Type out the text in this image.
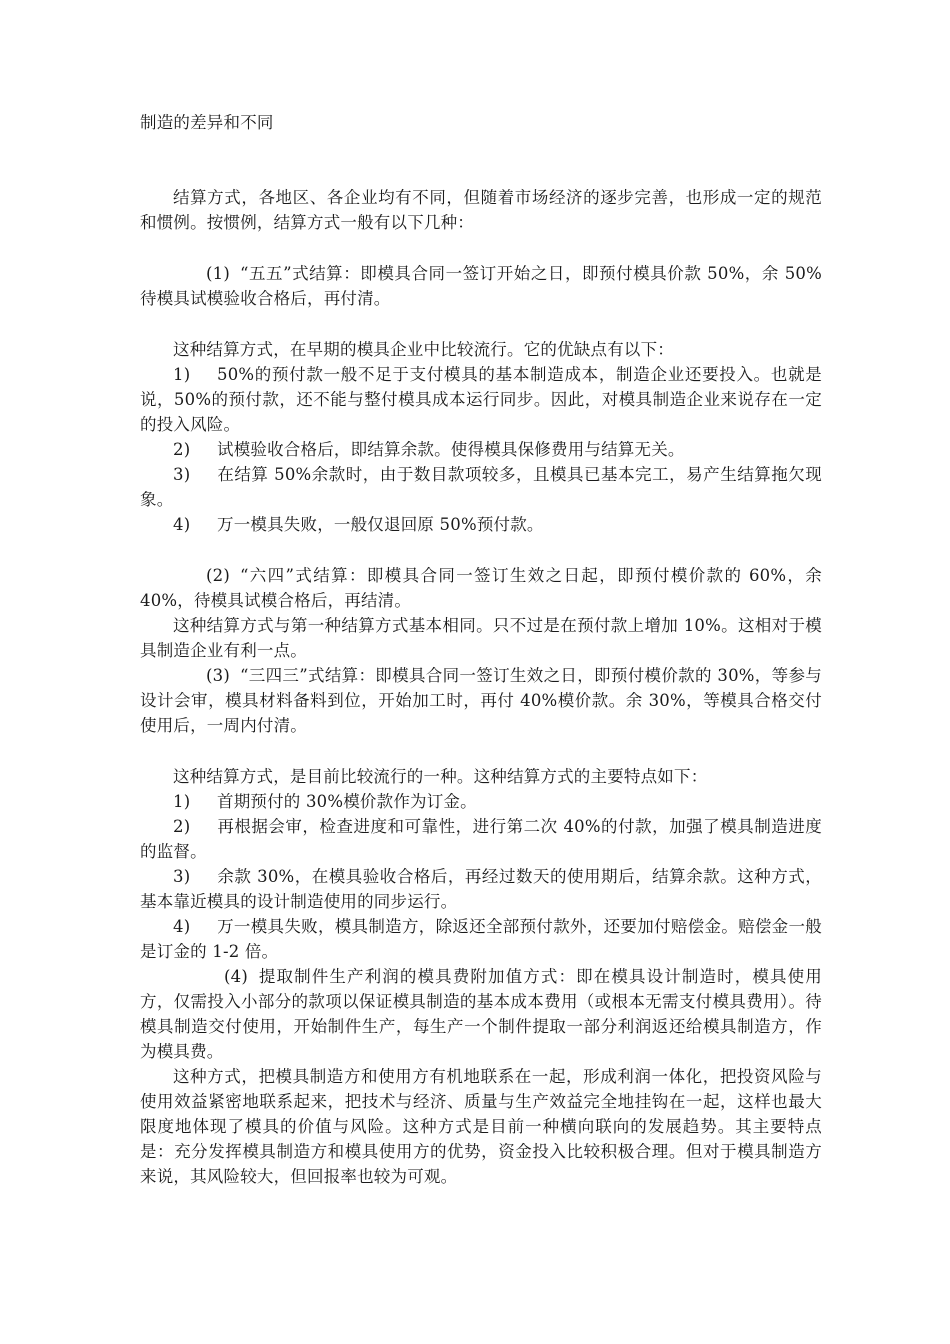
制造的差异和不同

结算方式，各地区、各企业均有不同，但随着市场经济的逐步完善，也形成一定的规范和惯例。按惯例，结算方式一般有以下几种：

(1) “五五”式结算：即模具合同一签订开始之日，即预付模具价款 50%，余 50%待模具试模验收合格后，再付清。

这种结算方式，在早期的模具企业中比较流行。它的优缺点有以下：

1) 50%的预付款一般不足于支付模具的基本制造成本，制造企业还要投入。也就是说，50%的预付款，还不能与整付模具成本运行同步。因此，对模具制造企业来说存在一定的投入风险。

2) 试模验收合格后，即结算余款。使得模具保修费用与结算无关。

3) 在结算 50%余款时，由于数目款项较多，且模具已基本完工，易产生结算拖欠现象。

4) 万一模具失败，一般仅退回原 50%预付款。

(2) “六四”式结算：即模具合同一签订生效之日起，即预付模价款的 60%，余 40%，待模具试模合格后，再结清。

这种结算方式与第一种结算方式基本相同。只不过是在预付款上增加 10%。这相对于模具制造企业有利一点。

(3) “三四三”式结算：即模具合同一签订生效之日，即预付模价款的 30%，等参与设计会审，模具材料备料到位，开始加工时，再付 40%模价款。余 30%，等模具合格交付使用后，一周内付清。

这种结算方式，是目前比较流行的一种。这种结算方式的主要特点如下：

1) 首期预付的 30%模价款作为订金。

2) 再根据会审，检查进度和可靠性，进行第二次 40%的付款，加强了模具制造进度的监督。

3) 余款 30%，在模具验收合格后，再经过数天的使用期后，结算余款。这种方式，基本靠近模具的设计制造使用的同步运行。

4) 万一模具失败，模具制造方，除返还全部预付款外，还要加付赔偿金。赔偿金一般是订金的 1-2 倍。

(4) 提取制件生产利润的模具费附加值方式：即在模具设计制造时，模具使用方，仅需投入小部分的款项以保证模具制造的基本成本费用（或根本无需支付模具费用）。待模具制造交付使用，开始制件生产，每生产一个制件提取一部分利润返还给模具制造方，作为模具费。

这种方式，把模具制造方和使用方有机地联系在一起，形成利润一体化，把投资风险与使用效益紧密地联系起来，把技术与经济、质量与生产效益完全地挂钩在一起，这样也最大限度地体现了模具的价值与风险。这种方式是目前一种横向联向的发展趋势。其主要特点是：充分发挥模具制造方和模具使用方的优势，资金投入比较积极合理。但对于模具制造方来说，其风险较大，但回报率也较为可观。
